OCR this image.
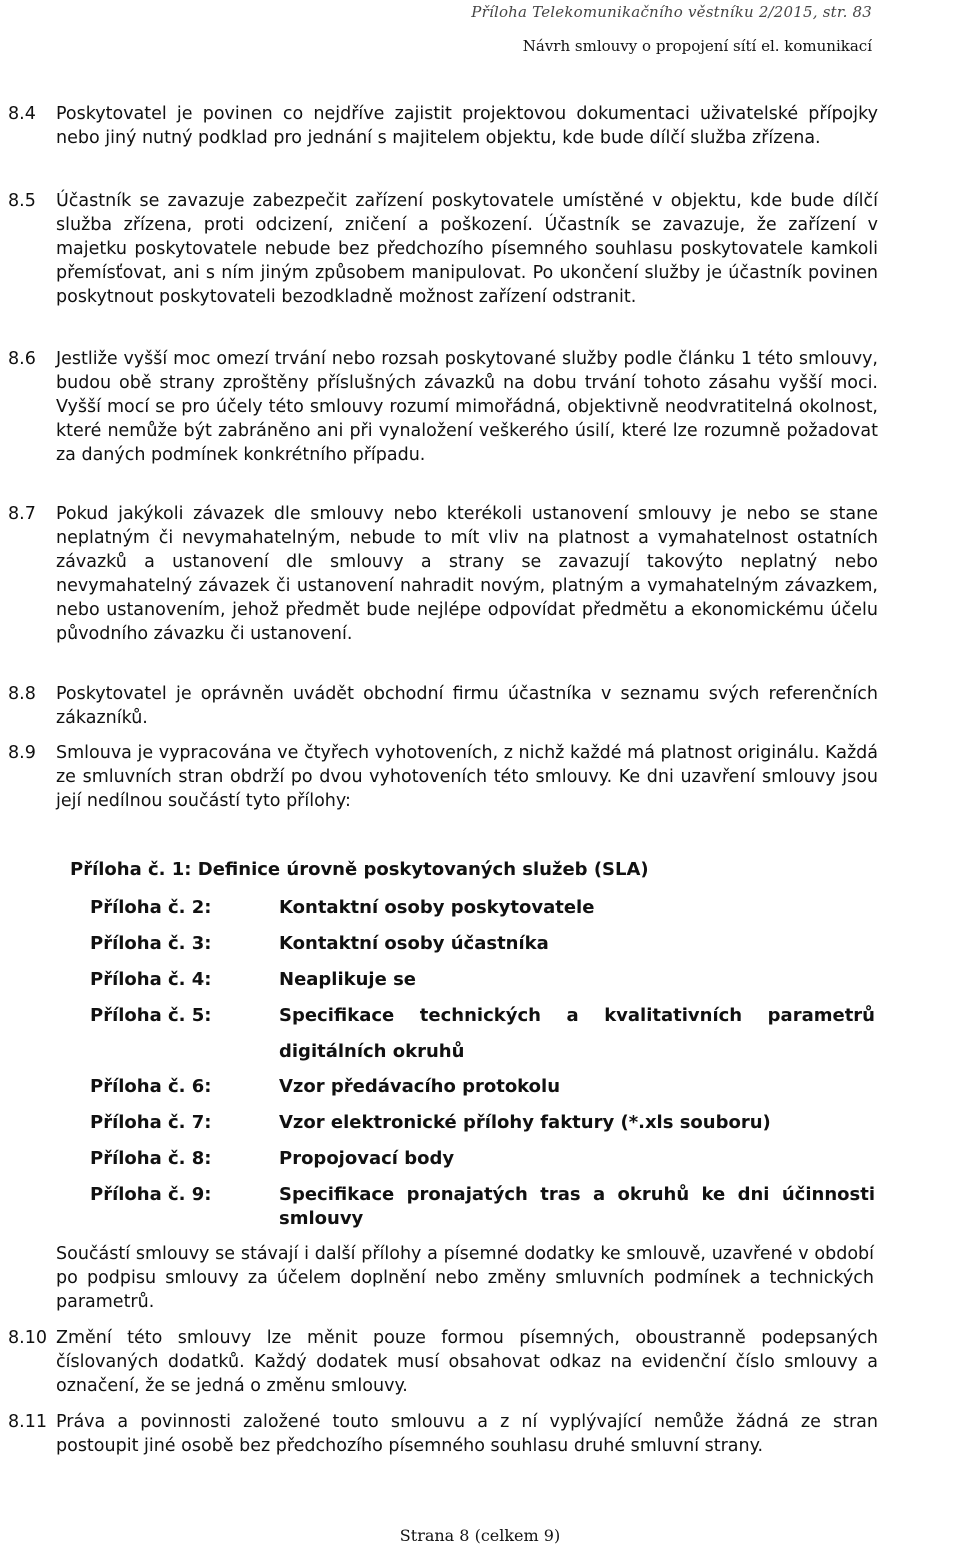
Příloha Telekomunikačního věstníku 2/2015, str. 83
Návrh smlouvy o propojení sítí el. komunikací
8.4	Poskytovatel je povinen co nejdříve zajistit projektovou dokumentaci uživatelské přípojky nebo jiný nutný podklad pro jednání s majitelem objektu, kde bude dílčí služba zřízena.
8.5	Účastník se zavazuje zabezpečit zařízení poskytovatele umístěné v objektu, kde bude dílčí služba zřízena, proti odcizení, zničení a poškození. Účastník se zavazuje, že zařízení v majetku poskytovatele nebude bez předchozího písemného souhlasu poskytovatele kamkoli přemísťovat, ani s ním jiným způsobem manipulovat. Po ukončení služby je účastník povinen poskytnout poskytovateli bezodkladně možnost zařízení odstranit.
8.6	Jestliže vyšší moc omezí trvání nebo rozsah poskytované služby podle článku 1 této smlouvy, budou obě strany zproštěny příslušných závazků na dobu trvání tohoto zásahu vyšší moci. Vyšší mocí se pro účely této smlouvy rozumí mimořádná, objektivně neodvratitelná okolnost, které nemůže být zabráněno ani při vynaložení veškerého úsilí, které lze rozumně požadovat za daných podmínek konkrétního případu.
8.7	Pokud jakýkoli závazek dle smlouvy nebo kterékoli ustanovení smlouvy je nebo se stane neplatným či nevymahatelným, nebude to mít vliv na platnost a vymahatelnost ostatních závazků a ustanovení dle smlouvy a strany se zavazují takovýto neplatný nebo nevymahatelný závazek či ustanovení nahradit novým, platným a vymahatelným závazkem, nebo ustanovením, jehož předmět bude nejlépe odpovídat předmětu a ekonomickému účelu původního závazku či ustanovení.
8.8	Poskytovatel je oprávněn uvádět obchodní firmu účastníka v seznamu svých referenčních zákazníků.
8.9	Smlouva je vypracována ve čtyřech vyhotoveních, z nichž každé má platnost originálu. Každá ze smluvních stran obdrží po dvou vyhotoveních této smlouvy. Ke dni uzavření smlouvy jsou její nedílnou součástí tyto přílohy:
Příloha č. 1: Definice úrovně poskytovaných služeb (SLA)
Příloha č. 2:	Kontaktní osoby poskytovatele
Příloha č. 3:	Kontaktní osoby účastníka
Příloha č. 4:	Neaplikuje se
Příloha č. 5:	Specifikace technických a kvalitativních parametrů digitálních okruhů
Příloha č. 6:	Vzor předávacího protokolu
Příloha č. 7:	Vzor elektronické přílohy faktury (*.xls souboru)
Příloha č. 8:	Propojovací body
Příloha č. 9:	Specifikace pronajatých tras a okruhů ke dni účinnosti smlouvy
Součástí smlouvy se stávají i další přílohy a písemné dodatky ke smlouvě, uzavřené v období po podpisu smlouvy za účelem doplnění nebo změny smluvních podmínek a technických parametrů.
8.10 Změní této smlouvy lze měnit pouze formou písemných, oboustranně podepsaných číslovaných dodatků. Každý dodatek musí obsahovat odkaz na evidenční číslo smlouvy a označení, že se jedná o změnu smlouvy.
8.11 Práva a povinnosti založené touto smlouvu a z ní vyplývající nemůže žádná ze stran postoupit jiné osobě bez předchozího písemného souhlasu druhé smluvní strany.
Strana 8 (celkem 9)
